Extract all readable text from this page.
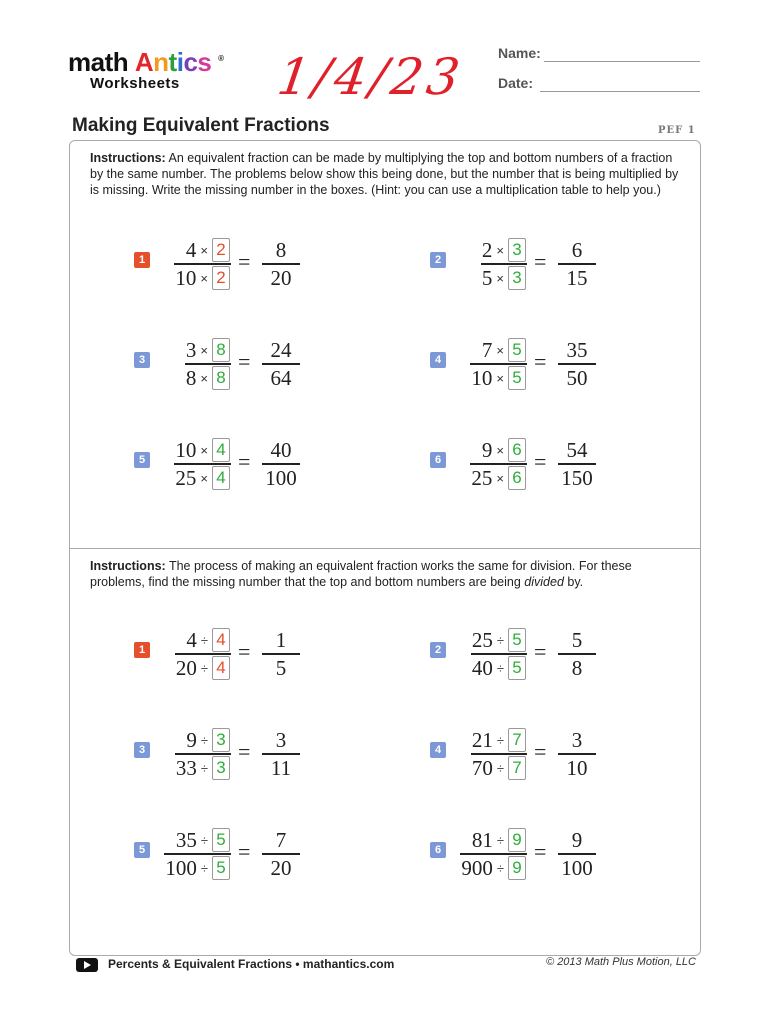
math Antics ®
Worksheets	1/4/23 Name:
Date:
Making Equivalent Fractions	PEF 1
Instructions: An equivalent fraction can be made by multiplying the top and bottom numbers of a fraction by the same number. The problems below show this being done, but the number that is being multiplied by is missing. Write the missing number in the boxes. (Hint: you can use a multiplication table to help you.)
1 4 × 2
10 × 2
=	8
20
2 2 × 3
5 × 3
=	6
15
3 3 × 8
8 × 8
= 24
64
4 7 × 5
10 × 5
= 35
50
5 10 × 4
25 × 4
= 40
100
6 9 × 6
25 × 6
= 54
150
Instructions: The process of making an equivalent fraction works the same for division. For these problems, find the missing number that the top and bottom numbers are being divided by.
1 4 ÷ 4
20 ÷ 4
=	1
5
2 25 ÷ 5
40 ÷ 5
=	5
8
3 9 ÷ 3
33 ÷ 3
=	3
11
4 21 ÷ 7
70 ÷ 7
=	3
10
5 35 ÷ 5
100 ÷ 5
=	7
20
6 81 ÷ 9
900 ÷ 9
=	9
100
Percents & Equivalent Fractions • mathantics.com	© 2013 Math Plus Motion, LLC
